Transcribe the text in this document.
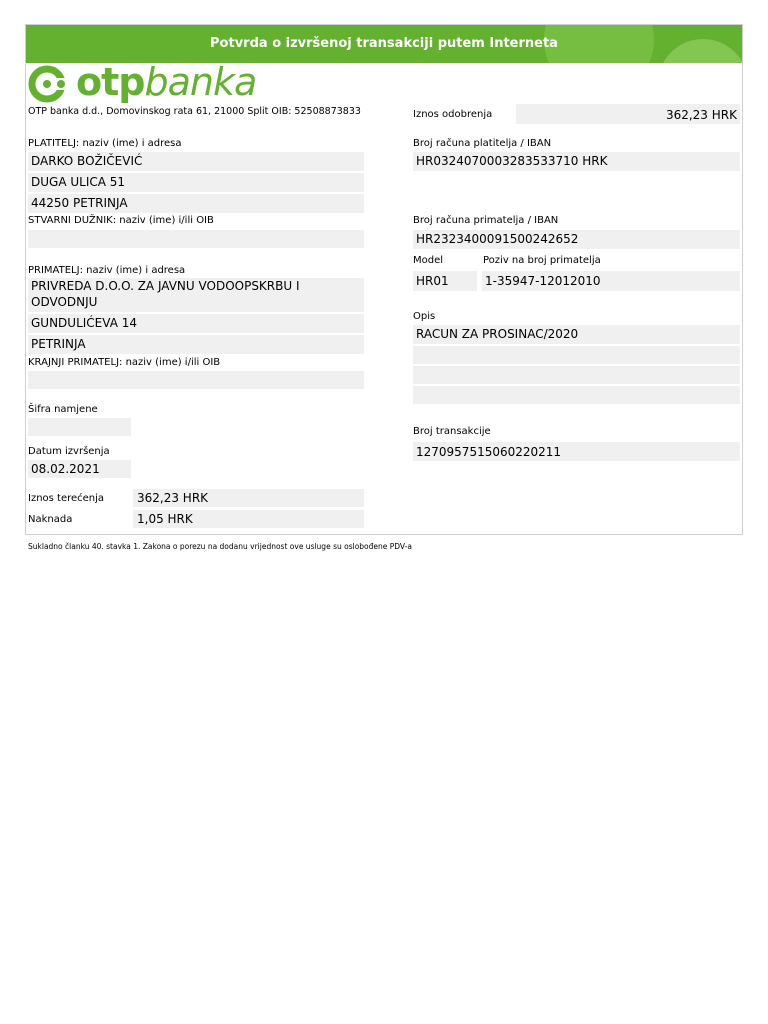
Potvrda o izvršenoj transakciji putem Interneta
otpbanka
OTP banka d.d., Domovinskog rata 61, 21000 Split OIB: 52508873833	Iznos odobrenja	362,23 HRK
PLATITELJ: naziv (ime) i adresa
DARKO BOŽIČEVIĆ
DUGA ULICA 51
44250 PETRINJA
Broj računa platitelja / IBAN
HR0324070003283533710 HRK
STVARNI DUŽNIK: naziv (ime) i/ili OIB	Broj računa primatelja / IBAN
HR2323400091500242652
Model	Poziv na broj primatelja
HR01	1-35947-12012010
PRIMATELJ: naziv (ime) i adresa
PRIVREDA D.O.O. ZA JAVNU VODOOPSKRBU I
ODVODNJU
GUNDULIĆEVA 14
PETRINJA
Opis
RACUN ZA PROSINAC/2020
KRAJNJI PRIMATELJ: naziv (ime) i/ili OIB
Šifra namjene
Broj transakcije
1270957515060220211
Datum izvršenja
08.02.2021
Iznos terećenja	362,23 HRK
Naknada	1,05 HRK
Sukladno članku 40. stavka 1. Zakona o porezu na dodanu vrijednost ove usluge su oslobođene PDV-a
